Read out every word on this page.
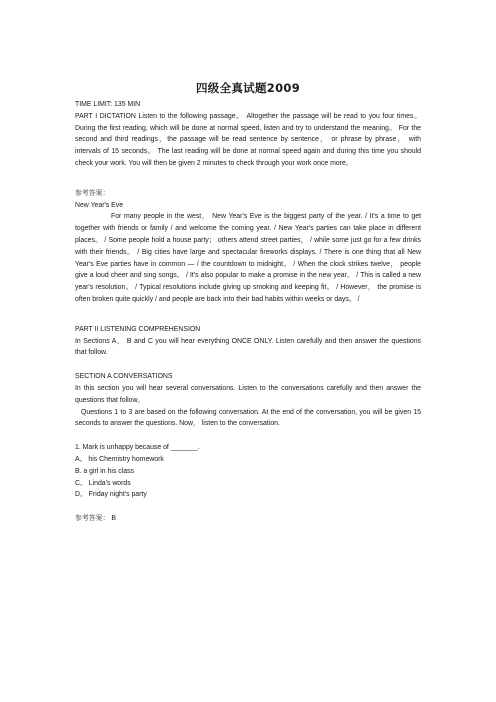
四级全真试题2009

TIME LIMIT: 135 MIN

PART I DICTATION Listen to the following passage。 Altogether the passage will be read to you four times。 During the first reading, which will be done at normal speed, listen and try to understand the meaning。 For the second and third readings，the passage will be read sentence by sentence， or phrase by phrase， with intervals of 15 seconds。 The last reading will be done at normal speed again and during this time you should check your work. You will then be given 2 minutes to check through your work once more。

参考答案：

New Year's Eve

For many people in the west， New Year's Eve is the biggest party of the year. / It's a time to get together with friends or family / and welcome the coming year. / New Year's parties can take place in different places。 / Some people hold a house party； others attend street parties， / while some just go for a few drinks with their friends。 / Big cities have large and spectacular fireworks displays. / There is one thing that all New Year's Eve parties have in common — / the countdown to midnight。 / When the clock strikes twelve， people give a loud cheer and sing songs。 / It's also popular to make a promise in the new year。 / This is called a new year's resolution。 / Typical resolutions include giving up smoking and keeping fit。 / However， the promise is often broken quite quickly / and people are back into their bad habits within weeks or days。 /

PART II LISTENING COMPREHENSION

In Sections A， B and C you will hear everything ONCE ONLY. Listen carefully and then answer the questions that follow.

SECTION A CONVERSATIONS

In this section you will hear several conversations. Listen to the conversations carefully and then answer the questions that follow。

Questions 1 to 3 are based on the following conversation. At the end of the conversation, you will be given 15 seconds to answer the questions. Now， listen to the conversation.

1. Mark is unhappy because of _______.

A。 his Chemistry homework

B. a girl in his class

C。 Linda's words

D。 Friday night's party

参考答案： B
